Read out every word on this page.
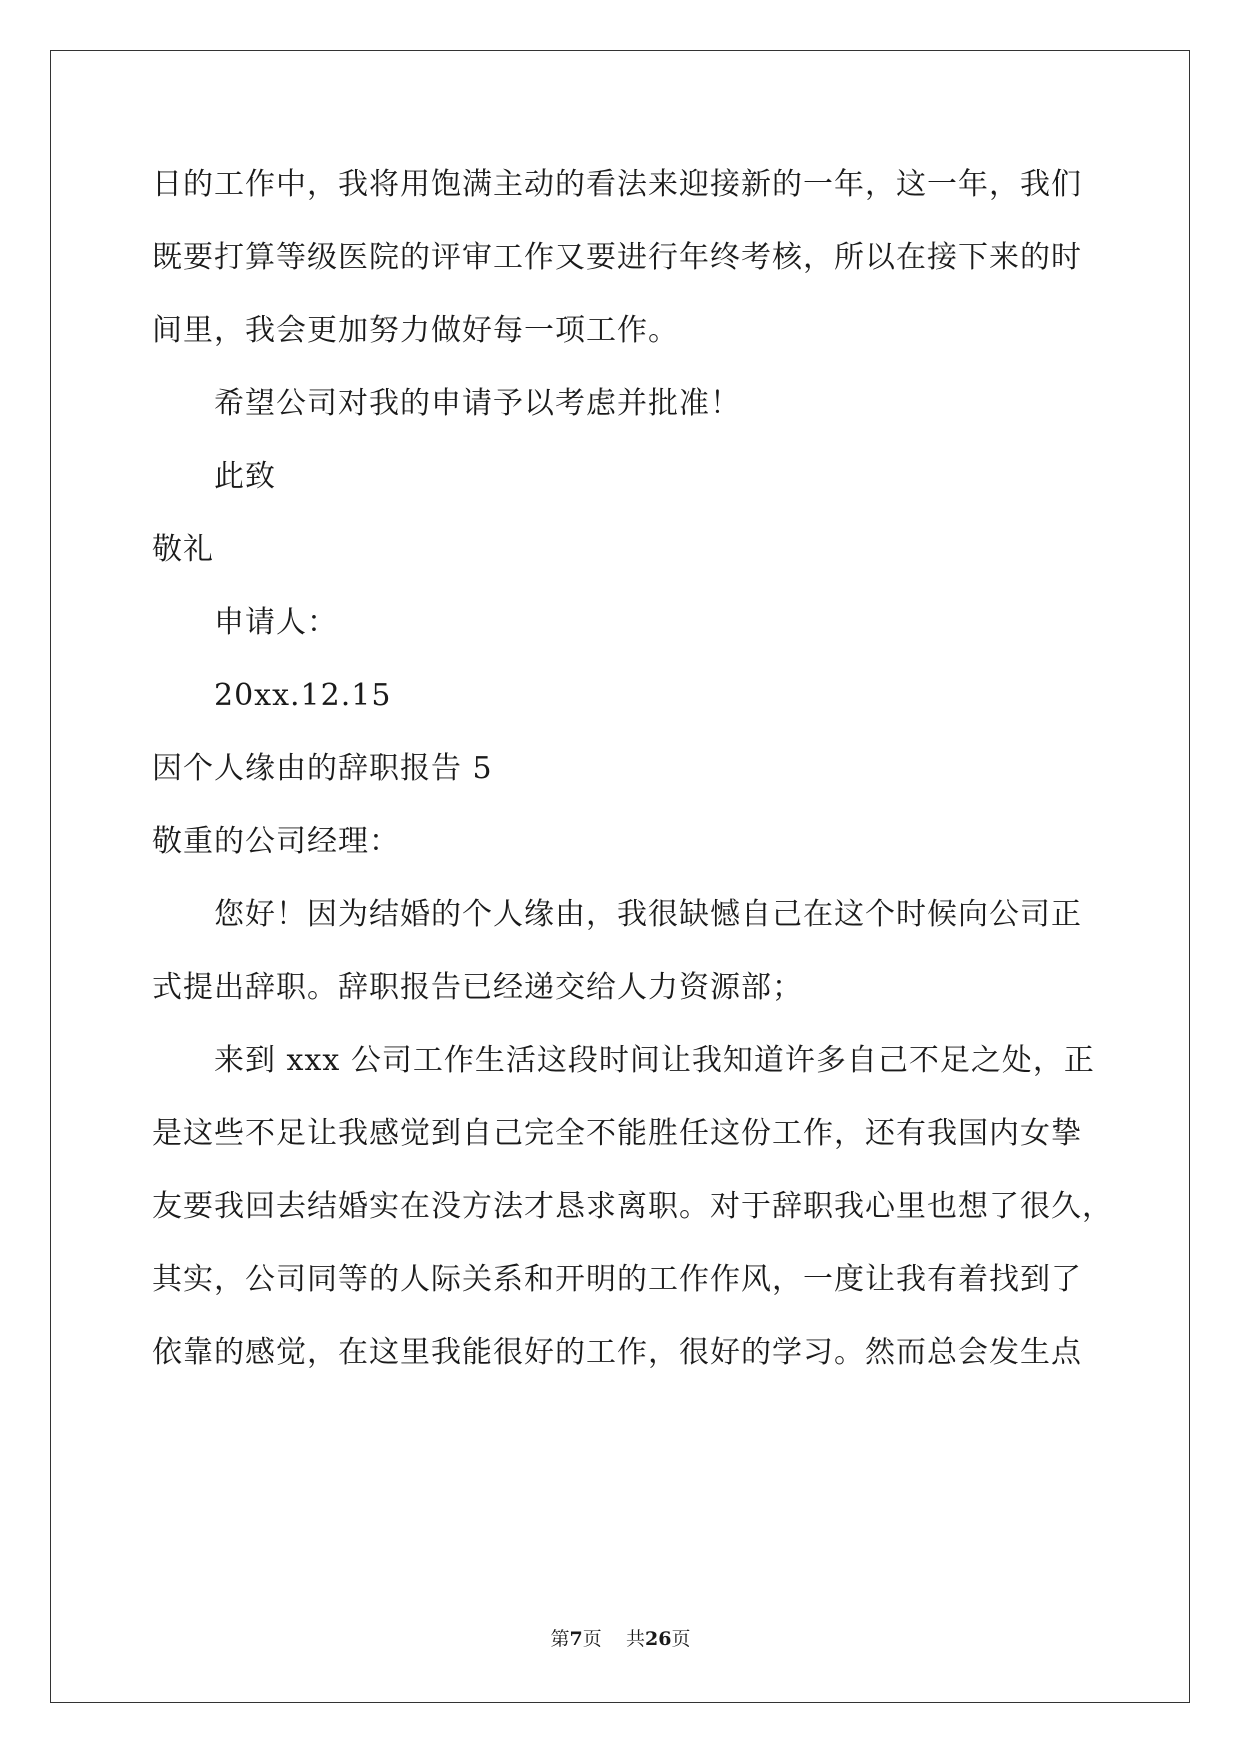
日的工作中，我将用饱满主动的看法来迎接新的一年，这一年，我们
既要打算等级医院的评审工作又要进行年终考核，所以在接下来的时
间里，我会更加努力做好每一项工作。
希望公司对我的申请予以考虑并批准！
此致
敬礼
申请人：
20xx.12.15
因个人缘由的辞职报告 5
敬重的公司经理：
您好！因为结婚的个人缘由，我很缺憾自己在这个时候向公司正
式提出辞职。辞职报告已经递交给人力资源部；
来到 xxx 公司工作生活这段时间让我知道许多自己不足之处，正
是这些不足让我感觉到自己完全不能胜任这份工作，还有我国内女挚
友要我回去结婚实在没方法才恳求离职。对于辞职我心里也想了很久，
其实，公司同等的人际关系和开明的工作作风，一度让我有着找到了
依靠的感觉，在这里我能很好的工作，很好的学习。然而总会发生点
第7页 共26页
